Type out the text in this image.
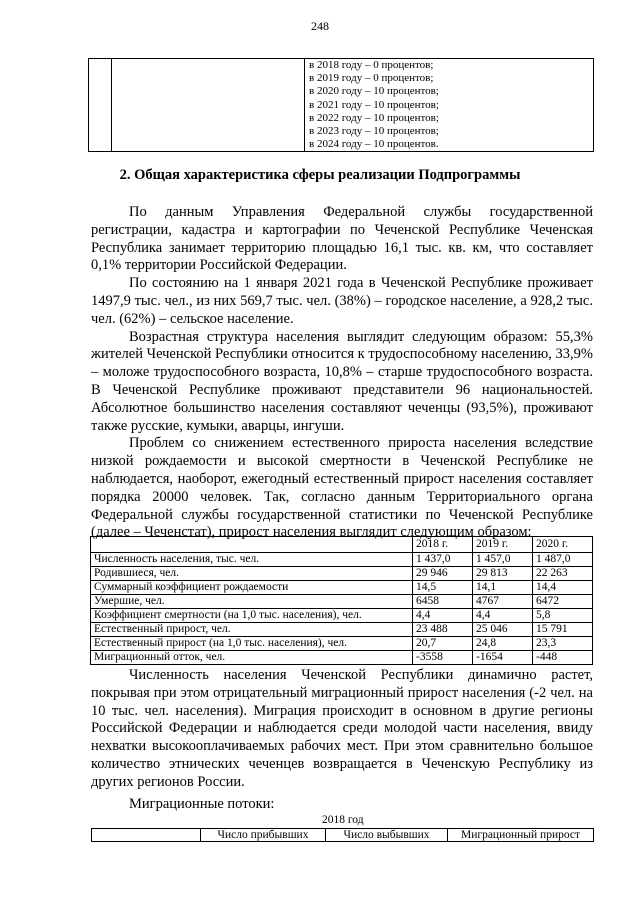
248

в 2018 году – 0 процентов;
в 2019 году – 0 процентов;
в 2020 году – 10 процентов;
в 2021 году – 10 процентов;
в 2022 году – 10 процентов;
в 2023 году – 10 процентов;
в 2024 году – 10 процентов.
2. Общая характеристика сферы реализации Подпрограммы

По данным Управления Федеральной службы государственной регистрации, кадастра и картографии по Чеченской Республике Чеченская Республика занимает территорию площадью 16,1 тыс. кв. км, что составляет 0,1% территории Российской Федерации.

По состоянию на 1 января 2021 года в Чеченской Республике проживает 1497,9 тыс. чел., из них 569,7 тыс. чел. (38%) – городское население, а 928,2 тыс. чел. (62%) – сельское население.

Возрастная структура населения выглядит следующим образом: 55,3% жителей Чеченской Республики относится к трудоспособному населению, 33,9% – моложе трудоспособного возраста, 10,8% – старше трудоспособного возраста. В Чеченской Республике проживают представители 96 национальностей. Абсолютное большинство населения составляют чеченцы (93,5%), проживают также русские, кумыки, аварцы, ингуши.

Проблем со снижением естественного прироста населения вследствие низкой рождаемости и высокой смертности в Чеченской Республике не наблюдается, наоборот, ежегодный естественный прирост населения составляет порядка 20000 человек. Так, согласно данным Территориального органа Федеральной службы государственной статистики по Чеченской Республике (далее – Чеченстат), прирост населения выглядит следующим образом:

	2018 г.	2019 г.	2020 г.
Численность населения, тыс. чел.	1 437,0	1 457,0	1 487,0
Родившиеся, чел.	29 946	29 813	22 263
Суммарный коэффициент рождаемости	14,5	14,1	14,4
Умершие, чел.	6458	4767	6472
Коэффициент смертности (на 1,0 тыс. населения), чел.	4,4	4,4	5,8
Естественный прирост, чел.	23 488	25 046	15 791
Естественный прирост (на 1,0 тыс. населения), чел.	20,7	24,8	23,3
Миграционный отток, чел.	-3558	-1654	-448

Численность населения Чеченской Республики динамично растет, покрывая при этом отрицательный миграционный прирост населения (-2 чел. на 10 тыс. чел. населения). Миграция происходит в основном в другие регионы Российской Федерации и наблюдается среди молодой части населения, ввиду нехватки высокооплачиваемых рабочих мест. При этом сравнительно большое количество этнических чеченцев возвращается в Чеченскую Республику из других регионов России.

Миграционные потоки:

2018 год
	Число прибывших	Число выбывших	Миграционный прирост
